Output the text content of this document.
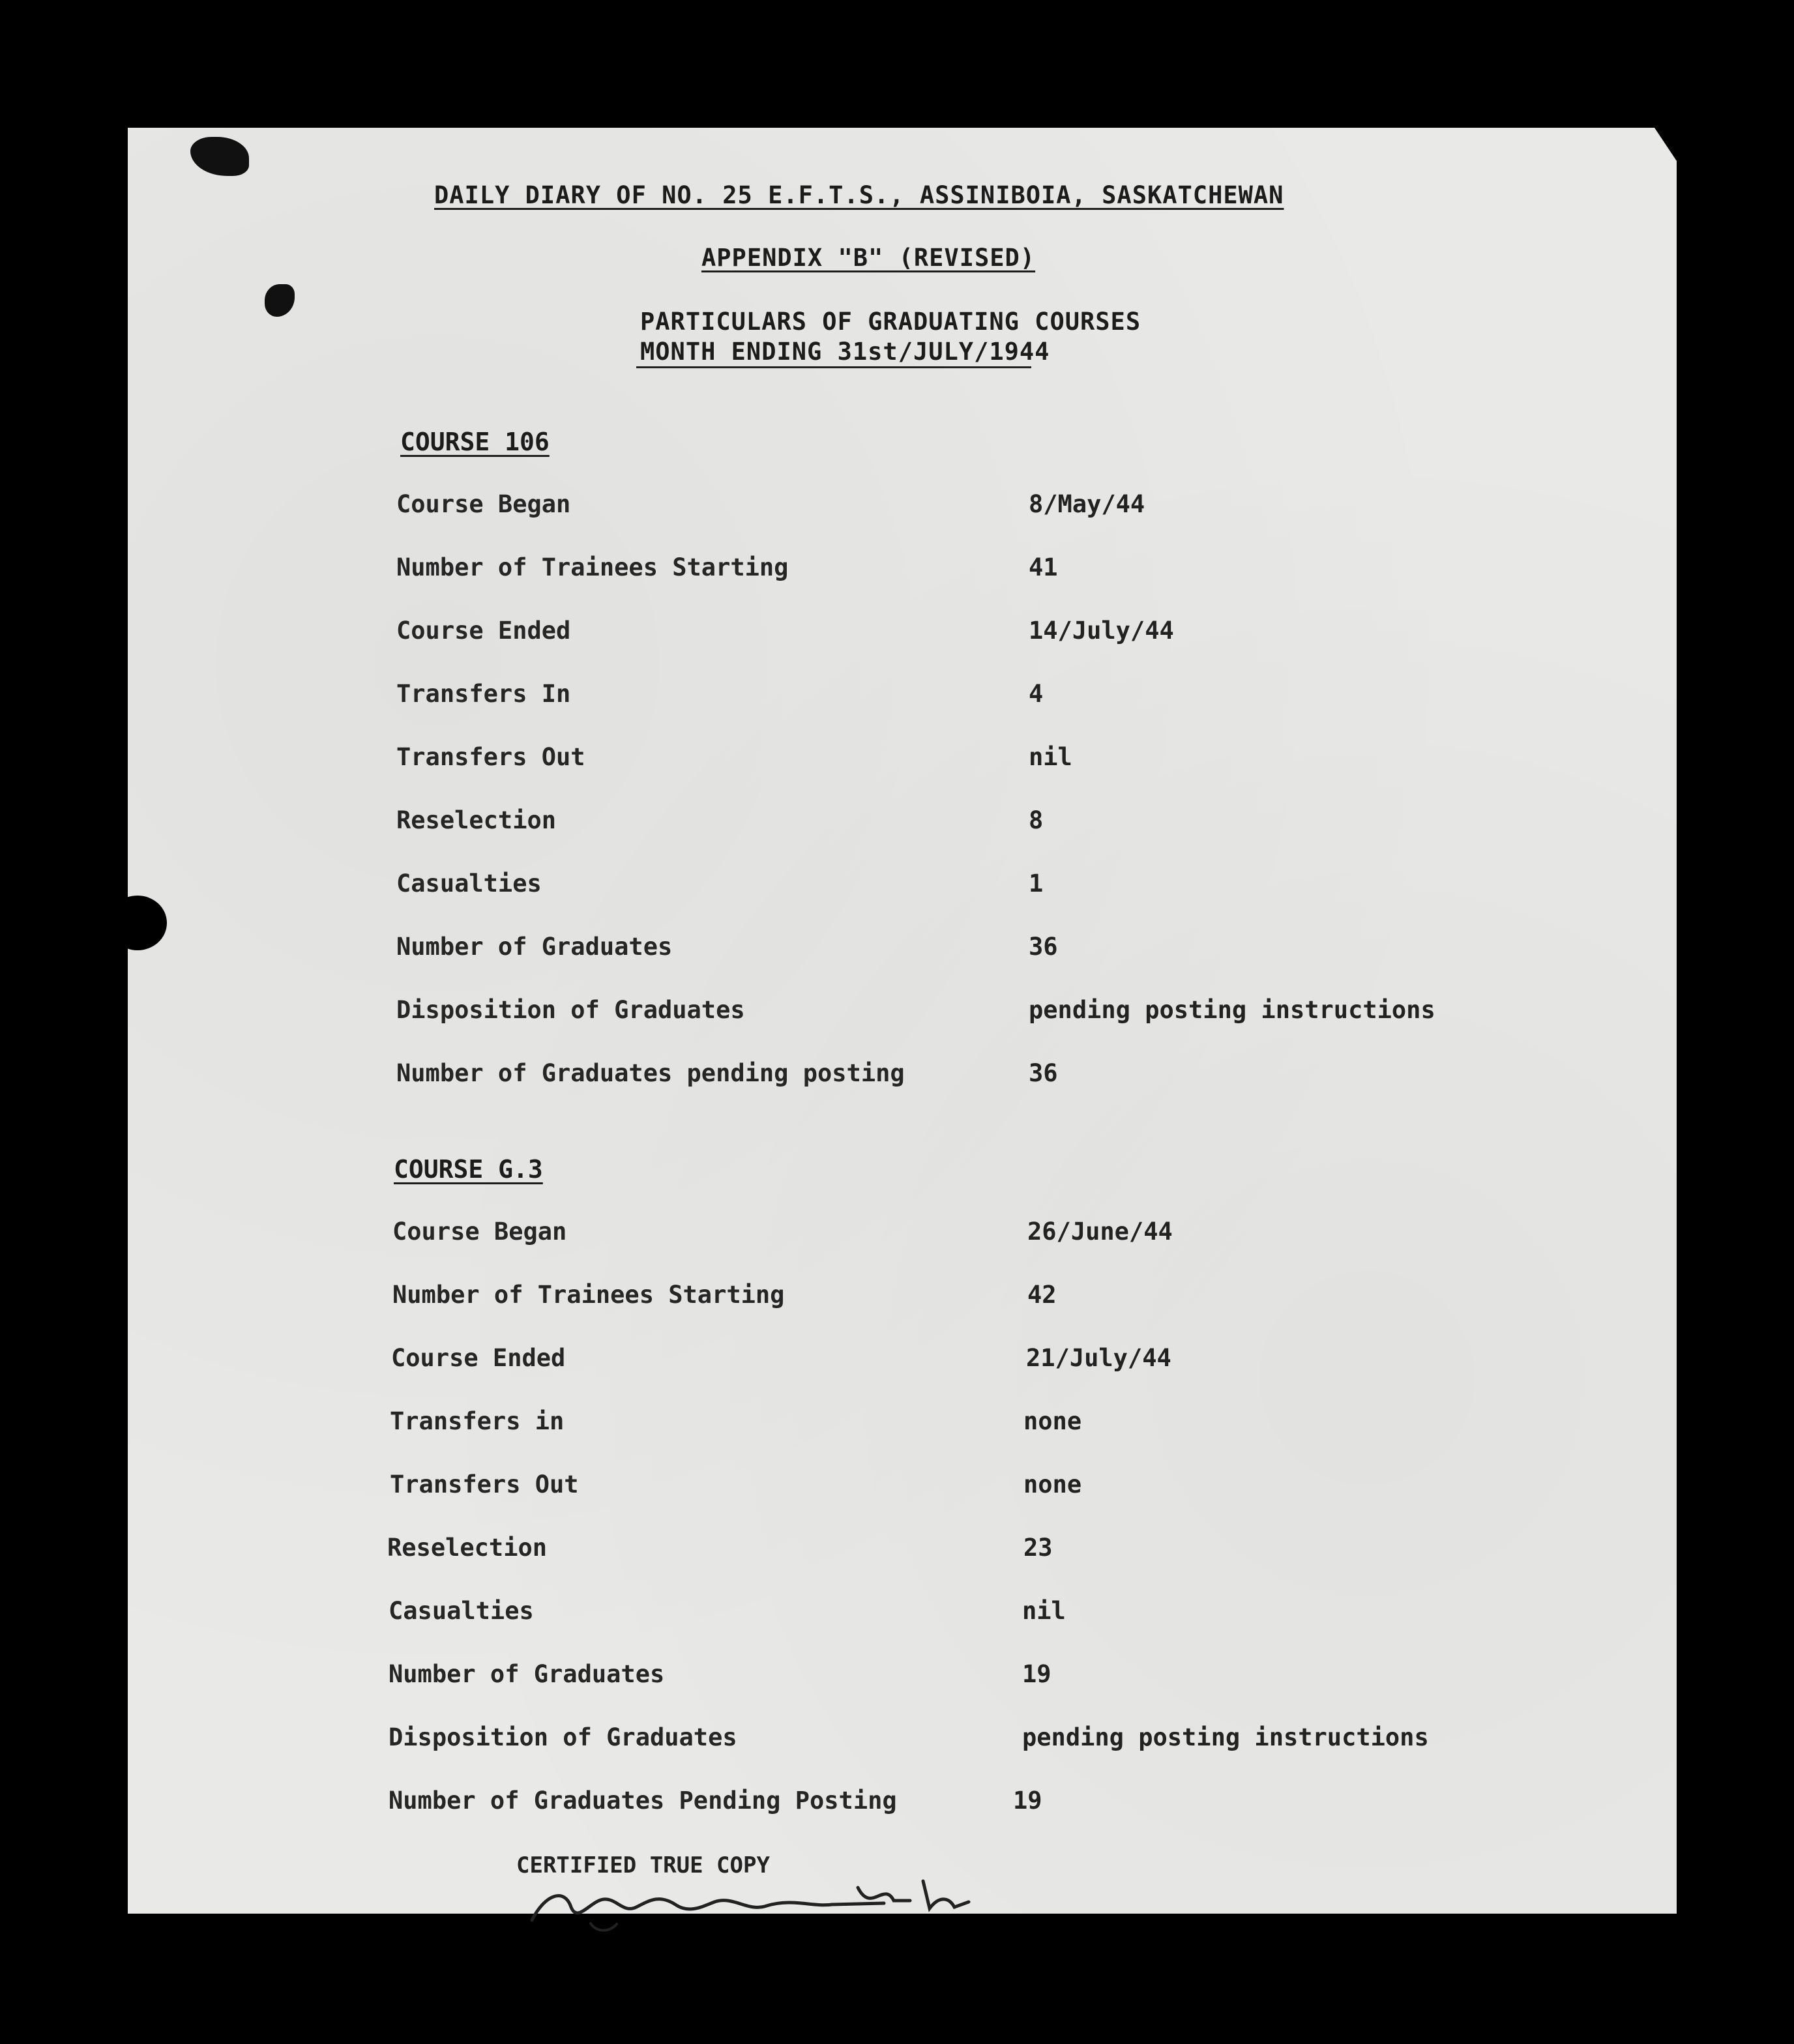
DAILY DIARY OF NO. 25 E.F.T.S., ASSINIBOIA, SASKATCHEWAN
APPENDIX "B" (REVISED)
PARTICULARS OF GRADUATING COURSES
MONTH ENDING 31st/JULY/1944
COURSE 106
Course Began	8/May/44
Number of Trainees Starting	41
Course Ended	14/July/44
Transfers In	4
Transfers Out	nil
Reselection	8
Casualties	1
Number of Graduates	36
Disposition of Graduates	pending posting instructions
Number of Graduates pending posting	36
COURSE G.3
Course Began	26/June/44
Number of Trainees Starting	42
Course Ended	21/July/44
Transfers in	none
Transfers Out	none
Reselection	23
Casualties	nil
Number of Graduates	19
Disposition of Graduates	pending posting instructions
Number of Graduates Pending Posting	19
CERTIFIED TRUE COPY
